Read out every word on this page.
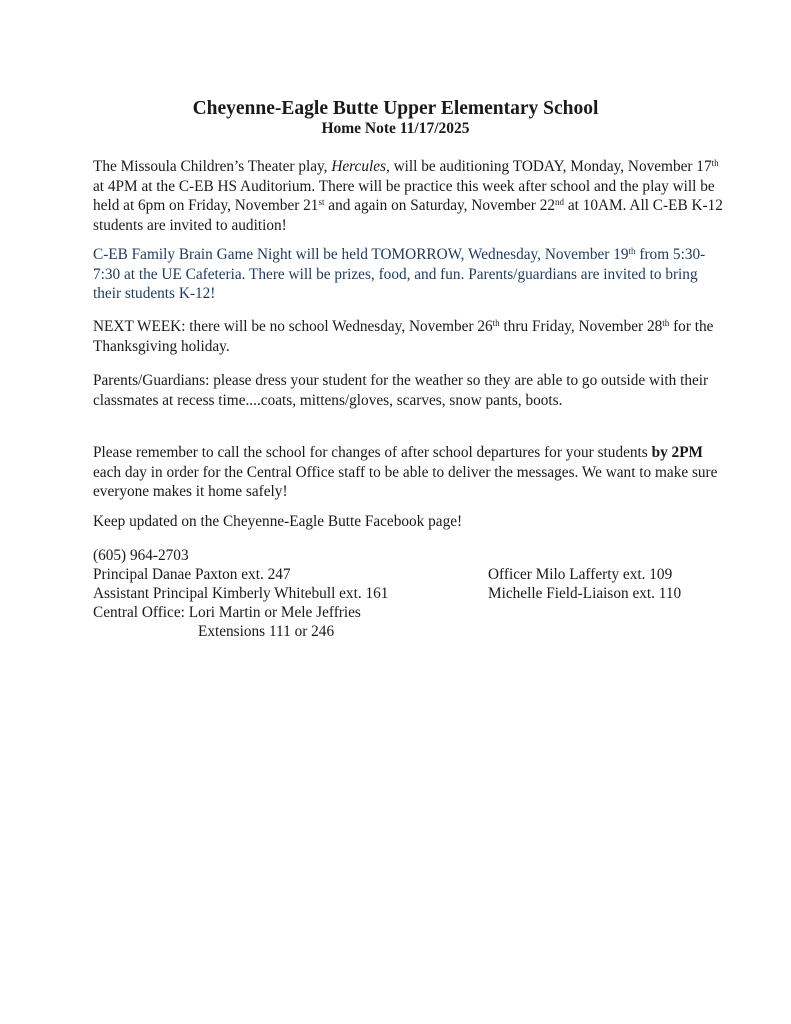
Cheyenne-Eagle Butte Upper Elementary School

Home Note 11/17/2025

The Missoula Children’s Theater play, Hercules, will be auditioning TODAY, Monday, November 17th at 4PM at the C-EB HS Auditorium. There will be practice this week after school and the play will be held at 6pm on Friday, November 21st and again on Saturday, November 22nd at 10AM. All C-EB K-12 students are invited to audition!

C-EB Family Brain Game Night will be held TOMORROW, Wednesday, November 19th from 5:30-7:30 at the UE Cafeteria. There will be prizes, food, and fun. Parents/guardians are invited to bring their students K-12!

NEXT WEEK: there will be no school Wednesday, November 26th thru Friday, November 28th for the Thanksgiving holiday.

Parents/Guardians: please dress your student for the weather so they are able to go outside with their classmates at recess time....coats, mittens/gloves, scarves, snow pants, boots.

Please remember to call the school for changes of after school departures for your students by 2PM each day in order for the Central Office staff to be able to deliver the messages. We want to make sure everyone makes it home safely!

Keep updated on the Cheyenne-Eagle Butte Facebook page!

(605) 964-2703
Principal Danae Paxton ext. 247
Assistant Principal Kimberly Whitebull ext. 161
Central Office: Lori Martin or Mele Jeffries
Extensions 111 or 246
Officer Milo Lafferty ext. 109
Michelle Field-Liaison ext. 110
